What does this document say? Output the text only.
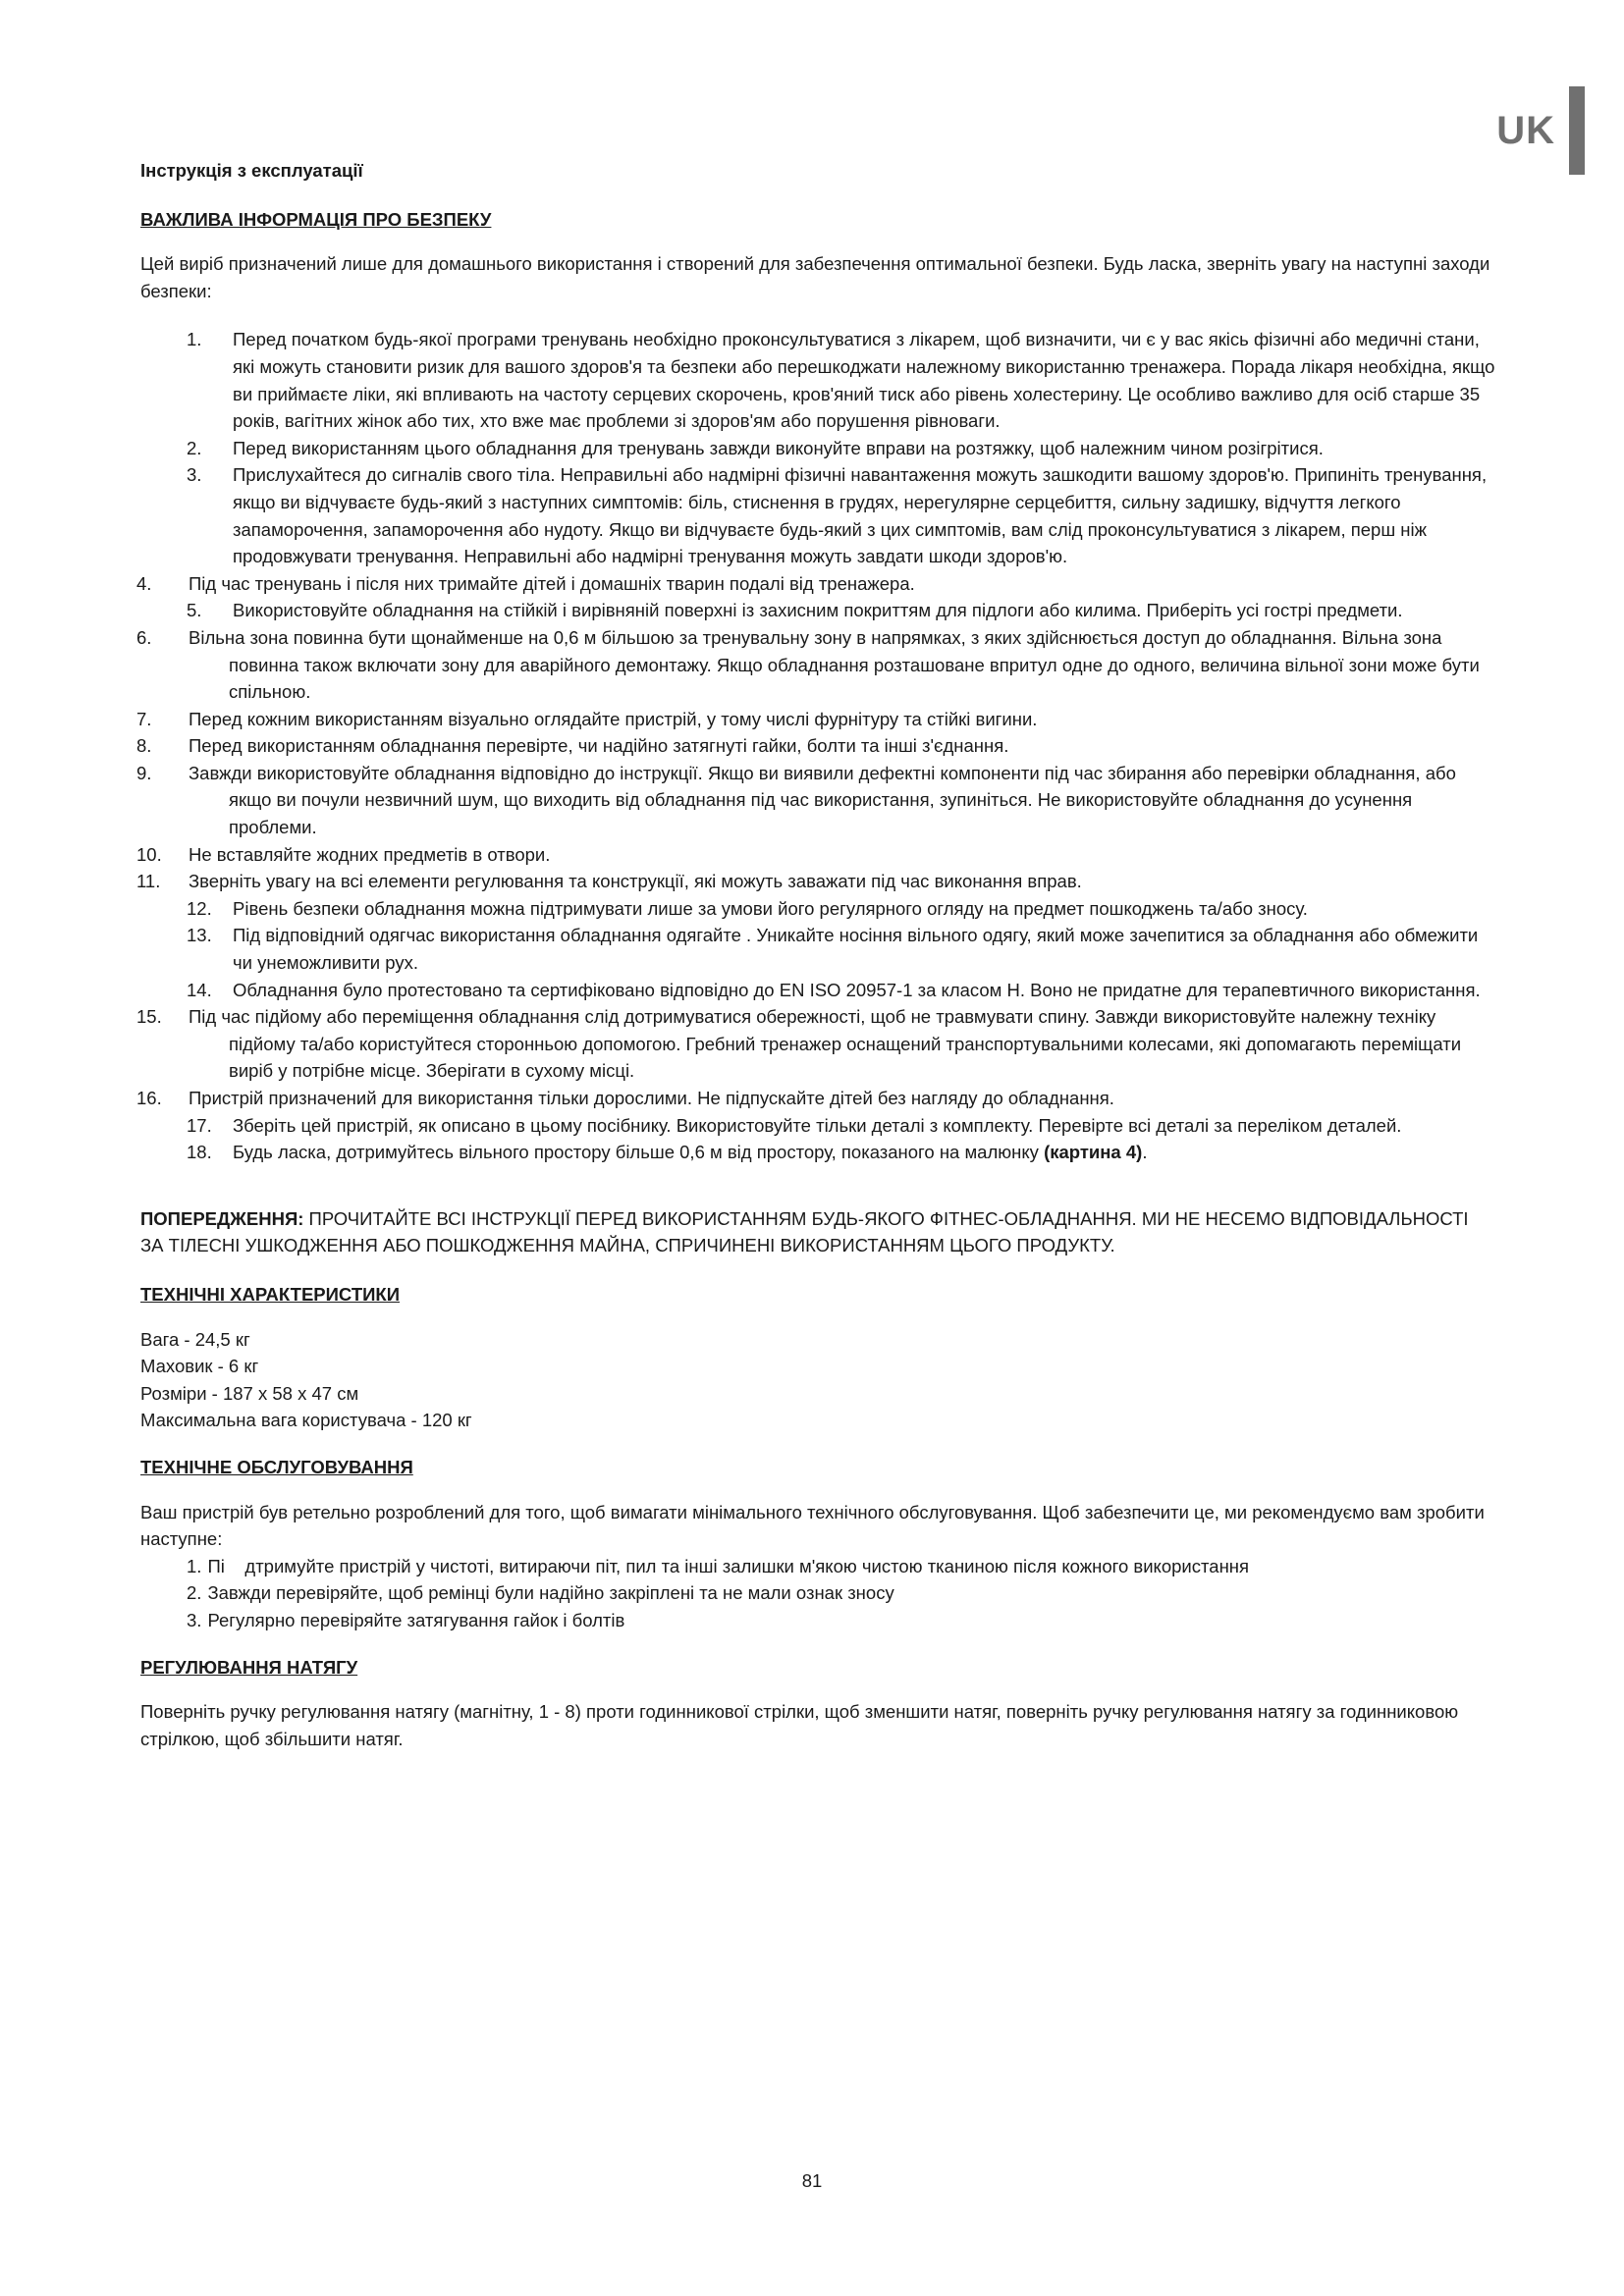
UK
Інструкція з експлуатації
ВАЖЛИВА ІНФОРМАЦІЯ ПРО БЕЗПЕКУ

Цей виріб призначений лише для домашнього використання і створений для забезпечення оптимальної безпеки. Будь ласка, зверніть увагу на наступні заходи безпеки:

1.	Перед початком будь-якої програми тренувань необхідно проконсультуватися з лікарем, щоб визначити, чи є у вас якісь фізичні або медичні стани, які можуть становити ризик для вашого здоров'я та безпеки або перешкоджати належному використанню тренажера. Порада лікаря необхідна, якщо ви приймаєте ліки, які впливають на частоту серцевих скорочень, кров'яний тиск або рівень холестерину. Це особливо важливо для осіб старше 35 років, вагітних жінок або тих, хто вже має проблеми зі здоров'ям або порушення рівноваги.
2.	Перед використанням цього обладнання для тренувань завжди виконуйте вправи на розтяжку, щоб належним чином розігрітися.
3.	Прислухайтеся до сигналів свого тіла. Неправильні або надмірні фізичні навантаження можуть зашкодити вашому здоров'ю. Припиніть тренування, якщо ви відчуваєте будь-який з наступних симптомів: біль, стиснення в грудях, нерегулярне серцебиття, сильну задишку, відчуття легкого запаморочення, запаморочення або нудоту. Якщо ви відчуваєте будь-який з цих симптомів, вам слід проконсультуватися з лікарем, перш ніж продовжувати тренування. Неправильні або надмірні тренування можуть завдати шкоди здоров'ю.
4. Під час тренувань і після них тримайте дітей і домашніх тварин подалі від тренажера.
5.	Використовуйте обладнання на стійкій і вирівняній поверхні із захисним покриттям для підлоги або килима. Приберіть усі гострі предмети.
6. Вільна зона повинна бути щонайменше на 0,6 м більшою за тренувальну зону в напрямках, з яких здійснюється доступ до обладнання. Вільна зона повинна також включати зону для аварійного демонтажу. Якщо обладнання розташоване впритул одне до одного, величина вільної зони може бути спільною.
7. Перед кожним використанням візуально оглядайте пристрій, у тому числі фурнітуру та стійкі вигини.
8. Перед використанням обладнання перевірте, чи надійно затягнуті гайки, болти та інші з'єднання.
9. Завжди використовуйте обладнання відповідно до інструкції. Якщо ви виявили дефектні компоненти під час збирання або перевірки обладнання, або якщо ви почули незвичний шум, що виходить від обладнання під час використання, зупиніться. Не використовуйте обладнання до усунення проблеми.
10. Не вставляйте жодних предметів в отвори.
11. Зверніть увагу на всі елементи регулювання та конструкції, які можуть заважати під час виконання вправ.
12.	Рівень безпеки обладнання можна підтримувати лише за умови його регулярного огляду на предмет пошкоджень та/або зносу.
13.	Під відповідний одягчас використання обладнання одягайте . Уникайте носіння вільного одягу, який може зачепитися за обладнання або обмежити чи унеможливити рух.
14.	Обладнання було протестовано та сертифіковано відповідно до EN ISO 20957-1 за класом H. Воно не придатне для терапевтичного використання.
15. Під час підйому або переміщення обладнання слід дотримуватися обережності, щоб не травмувати спину. Завжди використовуйте належну техніку підйому та/або користуйтеся сторонньою допомогою. Гребний тренажер оснащений транспортувальними колесами, які допомагають переміщати виріб у потрібне місце. Зберігати в сухому місці.
16. Пристрій призначений для використання тільки дорослими. Не підпускайте дітей без нагляду до обладнання.
17.	Зберіть цей пристрій, як описано в цьому посібнику. Використовуйте тільки деталі з комплекту. Перевірте всі деталі за переліком деталей.
18.	Будь ласка, дотримуйтесь вільного простору більше 0,6 м від простору, показаного на малюнку (картина 4).

ПОПЕРЕДЖЕННЯ: ПРОЧИТАЙТЕ ВСІ ІНСТРУКЦІЇ ПЕРЕД ВИКОРИСТАННЯМ БУДЬ-ЯКОГО ФІТНЕС-ОБЛАДНАННЯ. МИ НЕ НЕСЕМО ВІДПОВІДАЛЬНОСТІ ЗА ТІЛЕСНІ УШКОДЖЕННЯ АБО ПОШКОДЖЕННЯ МАЙНА, СПРИЧИНЕНІ ВИКОРИСТАННЯМ ЦЬОГО ПРОДУКТУ.

ТЕХНІЧНІ ХАРАКТЕРИСТИКИ
Вага - 24,5 кг
Маховик - 6 кг
Розміри - 187 х 58 х 47 см
Максимальна вага користувача - 120 кг
ТЕХНІЧНЕ ОБСЛУГОВУВАННЯ

Ваш пристрій був ретельно розроблений для того, щоб вимагати мінімального технічного обслуговування. Щоб забезпечити це, ми рекомендуємо вам зробити наступне:

1. Пі    дтримуйте пристрій у чистоті, витираючи піт, пил та інші залишки м'якою чистою тканиною після кожного використання
2. Завжди перевіряйте, щоб ремінці були надійно закріплені та не мали ознак зносу
3. Регулярно перевіряйте затягування гайок і болтів
РЕГУЛЮВАННЯ НАТЯГУ

Поверніть ручку регулювання натягу (магнітну, 1 - 8) проти годинникової стрілки, щоб зменшити натяг, поверніть ручку регулювання натягу за годинниковою стрілкою, щоб збільшити натяг.

81
